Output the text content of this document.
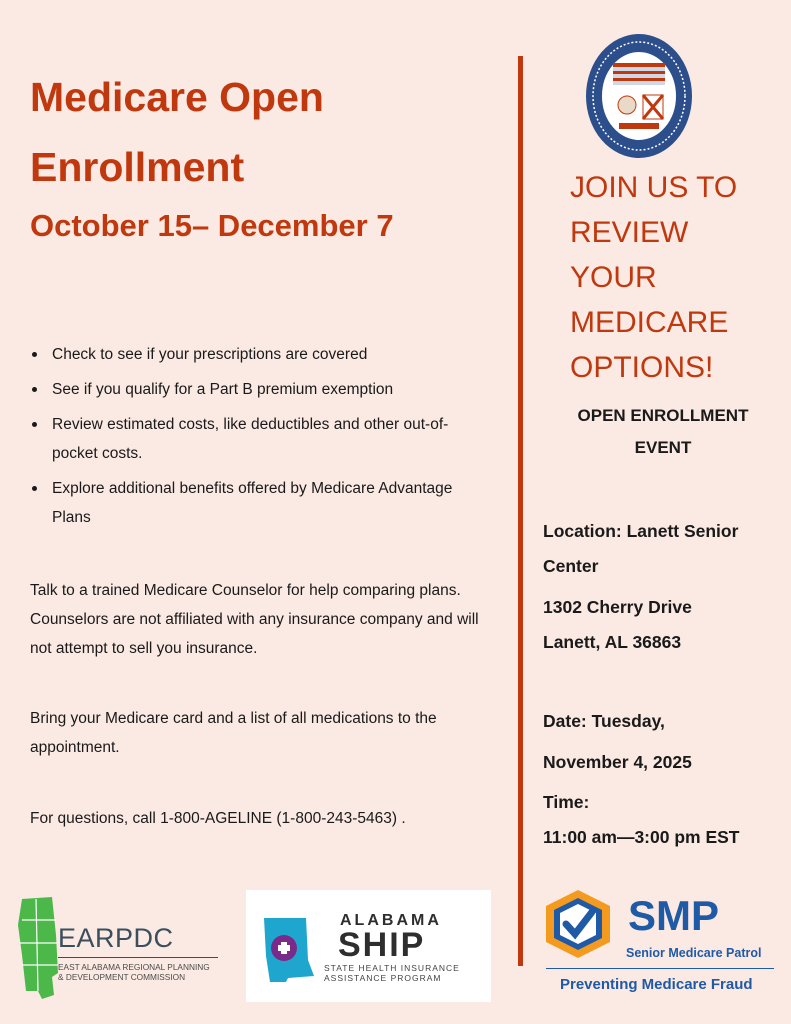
Medicare Open Enrollment
October 15– December 7
Check to see if your prescriptions are covered
See if you qualify for a Part B premium exemption
Review estimated costs, like deductibles and other out-of-pocket costs.
Explore additional benefits offered by Medicare Advantage Plans
Talk to a trained Medicare Counselor for help comparing plans. Counselors are not affiliated with any insurance company and will not attempt to sell you insurance.
Bring your Medicare card and a list of all medications to the appointment.
For questions, call 1-800-AGELINE (1-800-243-5463) .
JOIN US TO REVIEW YOUR MEDICARE OPTIONS!
OPEN ENROLLMENT EVENT
Location: Lanett Senior Center
1302 Cherry Drive
Lanett, AL 36863
Date: Tuesday,
November 4, 2025
Time:
11:00 am—3:00 pm EST
EARPDC
EAST ALABAMA REGIONAL PLANNING
& DEVELOPMENT COMMISSION
ALABAMA
SHIP
STATE HEALTH INSURANCE
ASSISTANCE PROGRAM
SMP
Senior Medicare Patrol
Preventing Medicare Fraud
